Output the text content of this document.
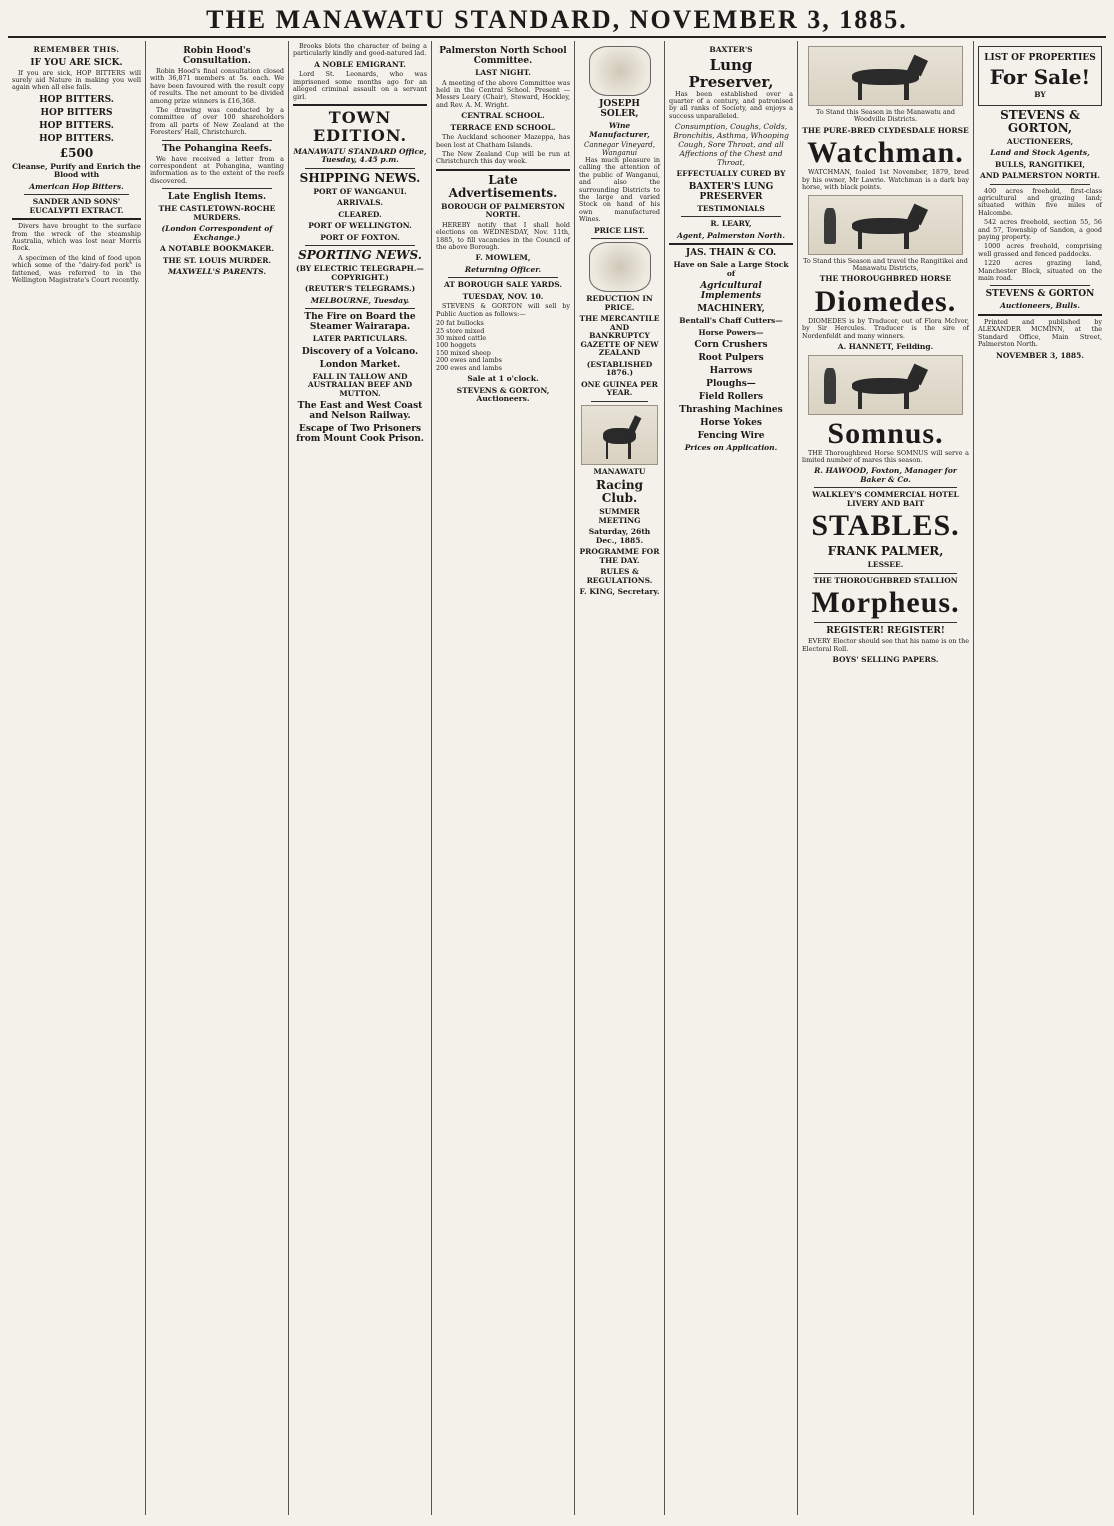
THE MANAWATU STANDARD, NOVEMBER 3, 1885.
REMEMBER THIS.
IF YOU ARE SICK.

If you are sick, HOP BITTERS will surely aid Nature in making you well again when all else fails.

HOP BITTERS.
HOP BITTERS
HOP BITTERS.
HOP BITTERS.
£500
Cleanse, Purify and Enrich the Blood with
American Hop Bitters.
SANDER AND SONS' EUCALYPTI EXTRACT.

Divers have brought to the surface from the wreck of the steamship Australia, which was lost near Morris Rock.

A specimen of the kind of food upon which some of the "dairy-fed pork" is fattened, was referred to in the Wellington Magistrate's Court recently.

Robin Hood's Consultation.

Robin Hood's final consultation closed with 36,871 members at 5s. each. We have been favoured with the result copy of results. The net amount to be divided among prize winners is £16,368.

The drawing was conducted by a committee of over 100 shareholders from all parts of New Zealand at the Foresters' Hall, Christchurch.

The Pohangina Reefs.

We have received a letter from a correspondent at Pohangina, wanting information as to the extent of the reefs discovered.

Late English Items.
THE CASTLETOWN-ROCHE MURDERS.
(London Correspondent of Exchange.)
A NOTABLE BOOKMAKER.
THE ST. LOUIS MURDER.
MAXWELL'S PARENTS.

Brooks blots the character of being a particularly kindly and good-natured lad.

A NOBLE EMIGRANT.

Lord St. Leonards, who was imprisoned some months ago for an alleged criminal assault on a servant girl.

TOWN EDITION.
MANAWATU STANDARD Office, Tuesday, 4.45 p.m.
SHIPPING NEWS.
PORT OF WANGANUI.
ARRIVALS.
CLEARED.
PORT OF WELLINGTON.
PORT OF FOXTON.
SPORTING NEWS.
(BY ELECTRIC TELEGRAPH.—COPYRIGHT.)
(REUTER'S TELEGRAMS.)
MELBOURNE, Tuesday.
The Fire on Board the Steamer Wairarapa.
LATER PARTICULARS.
Discovery of a Volcano.
London Market.
FALL IN TALLOW AND AUSTRALIAN BEEF AND MUTTON.
The East and West Coast and Nelson Railway.
Escape of Two Prisoners from Mount Cook Prison.
Palmerston North School Committee.
LAST NIGHT.

A meeting of the above Committee was held in the Central School. Present — Messrs Leary (Chair), Steward, Hockley, and Rev. A. M. Wright.

CENTRAL SCHOOL.
TERRACE END SCHOOL.

The Auckland schooner Mazeppa, has been lost at Chatham Islands.

The New Zealand Cup will be run at Christchurch this day week.

Late Advertisements.
BOROUGH OF PALMERSTON NORTH.

HEREBY notify that I shall hold elections on WEDNESDAY, Nov. 11th, 1885, to fill vacancies in the Council of the above Borough.

F. MOWLEM,
Returning Officer.
AT BOROUGH SALE YARDS.
TUESDAY, NOV. 10.

STEVENS & GORTON will sell by Public Auction as follows:—

20 fat bullocks
25 store mixed
30 mixed cattle
100 hoggets
150 mixed sheep
200 ewes and lambs
200 ewes and lambs
Sale at 1 o'clock.
STEVENS & GORTON, Auctioneers.
JOSEPH SOLER,
Wine Manufacturer,
Cannegar Vineyard, Wanganui

Has much pleasure in calling the attention of the public of Wanganui, and also the surrounding Districts to the large and varied Stock on hand of his own manufactured Wines.

PRICE LIST.
REDUCTION IN PRICE.
THE MERCANTILE AND BANKRUPTCY GAZETTE OF NEW ZEALAND
(ESTABLISHED 1876.)
ONE GUINEA PER YEAR.
MANAWATU
Racing Club.
SUMMER MEETING
Saturday, 26th Dec., 1885.
PROGRAMME FOR THE DAY.
RULES & REGULATIONS.
F. KING, Secretary.
BAXTER'S
Lung Preserver,

Has been established over a quarter of a century, and patronised by all ranks of Society, and enjoys a success unparalleled.

Consumption, Coughs, Colds, Bronchitis, Asthma, Whooping Cough, Sore Throat, and all Affections of the Chest and Throat,

EFFECTUALLY CURED BY
BAXTER'S LUNG PRESERVER
TESTIMONIALS
R. LEARY,
Agent, Palmerston North.
JAS. THAIN & CO.
Have on Sale a Large Stock of
Agricultural Implements
MACHINERY,
Bentall's Chaff Cutters—
Horse Powers—
Corn Crushers
Root Pulpers
Harrows
Ploughs—
Field Rollers
Thrashing Machines
Horse Yokes
Fencing Wire
Prices on Application.

To Stand this Season in the Manawatu and Woodville Districts.

THE PURE-BRED CLYDESDALE HORSE
Watchman.

WATCHMAN, foaled 1st November, 1879, bred by his owner, Mr Lawrie. Watchman is a dark bay horse, with black points.

To Stand this Season and travel the Rangitikei and Manawatu Districts,

THE THOROUGHBRED HORSE
Diomedes.

DIOMEDES is by Traducer, out of Flora McIvor, by Sir Hercules. Traducer is the sire of Nordenfeldt and many winners.

A. HANNETT, Feilding.
Somnus.

THE Thoroughbred Horse SOMNUS will serve a limited number of mares this season.

R. HAWOOD, Foxton, Manager for Baker & Co.
WALKLEY'S COMMERCIAL HOTEL LIVERY AND BAIT
STABLES.
FRANK PALMER,
LESSEE.
THE THOROUGHBRED STALLION
Morpheus.
REGISTER! REGISTER!

EVERY Elector should see that his name is on the Electoral Roll.

BOYS' SELLING PAPERS.
LIST OF PROPERTIES
For Sale!
BY
STEVENS & GORTON,
AUCTIONEERS,
Land and Stock Agents,
BULLS, RANGITIKEI,
AND PALMERSTON NORTH.

400 acres freehold, first-class agricultural and grazing land; situated within five miles of Halcombe.

542 acres freehold, section 55, 56 and 57, Township of Sandon, a good paying property.

1000 acres freehold, comprising well grassed and fenced paddocks.

1220 acres grazing land, Manchester Block, situated on the main road.

STEVENS & GORTON
Auctioneers, Bulls.

Printed and published by ALEXANDER MCMINN, at the Standard Office, Main Street, Palmerston North.

NOVEMBER 3, 1885.
